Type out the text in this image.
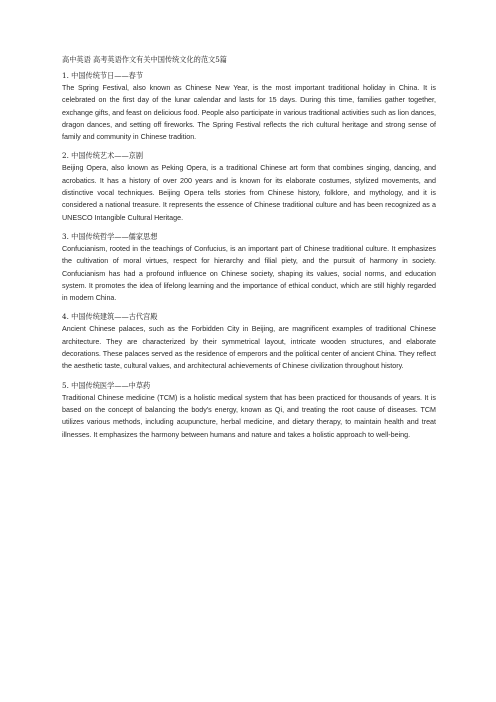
高中英语 高考英语作文有关中国传统文化的范文5篇
1. 中国传统节日——春节

The Spring Festival, also known as Chinese New Year, is the most important traditional holiday in China. It is celebrated on the first day of the lunar calendar and lasts for 15 days. During this time, families gather together, exchange gifts, and feast on delicious food. People also participate in various traditional activities such as lion dances, dragon dances, and setting off fireworks. The Spring Festival reflects the rich cultural heritage and strong sense of family and community in Chinese tradition.

2. 中国传统艺术——京剧

Beijing Opera, also known as Peking Opera, is a traditional Chinese art form that combines singing, dancing, and acrobatics. It has a history of over 200 years and is known for its elaborate costumes, stylized movements, and distinctive vocal techniques. Beijing Opera tells stories from Chinese history, folklore, and mythology, and it is considered a national treasure. It represents the essence of Chinese traditional culture and has been recognized as a UNESCO Intangible Cultural Heritage.

3. 中国传统哲学——儒家思想

Confucianism, rooted in the teachings of Confucius, is an important part of Chinese traditional culture. It emphasizes the cultivation of moral virtues, respect for hierarchy and filial piety, and the pursuit of harmony in society. Confucianism has had a profound influence on Chinese society, shaping its values, social norms, and education system. It promotes the idea of lifelong learning and the importance of ethical conduct, which are still highly regarded in modern China.

4. 中国传统建筑——古代宫殿

Ancient Chinese palaces, such as the Forbidden City in Beijing, are magnificent examples of traditional Chinese architecture. They are characterized by their symmetrical layout, intricate wooden structures, and elaborate decorations. These palaces served as the residence of emperors and the political center of ancient China. They reflect the aesthetic taste, cultural values, and architectural achievements of Chinese civilization throughout history.

5. 中国传统医学——中草药

Traditional Chinese medicine (TCM) is a holistic medical system that has been practiced for thousands of years. It is based on the concept of balancing the body's energy, known as Qi, and treating the root cause of diseases. TCM utilizes various methods, including acupuncture, herbal medicine, and dietary therapy, to maintain health and treat illnesses. It emphasizes the harmony between humans and nature and takes a holistic approach to well-being.
